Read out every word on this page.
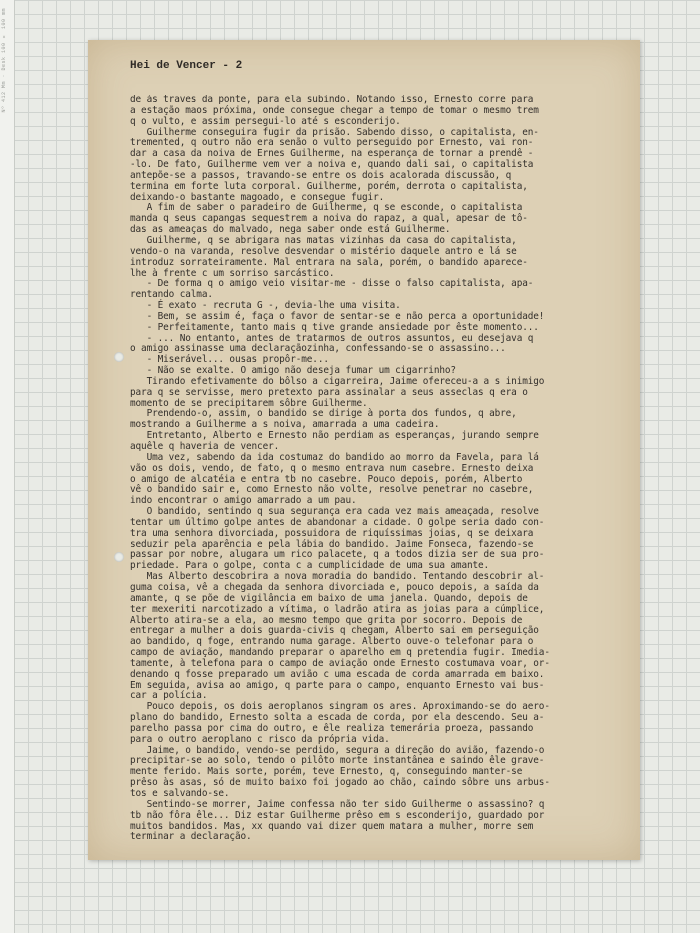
Nº 412 Mm · Desk 100 × 100 mm	Hei de Vencer - 2
de às traves da ponte, para ela subindo. Notando isso, Ernesto corre para
a estação maos próxima, onde consegue chegar a tempo de tomar o mesmo trem
q o vulto, e assim persegui-lo até s esconderijo.
Guilherme conseguira fugir da prisão. Sabendo disso, o capitalista, en-
tremented, q outro não era senão o vulto perseguido por Ernesto, vai ron-
dar a casa da noiva de Ernes Guilherme, na esperança de tornar a prendê -
-lo. De fato, Guilherme vem ver a noiva e, quando dali sai, o capitalista
antepõe-se a passos, travando-se entre os dois acalorada discussão, q
termina em forte luta corporal. Guilherme, porém, derrota o capitalista,
deixando-o bastante magoado, e consegue fugir.
A fim de saber o paradeiro de Guilherme, q se esconde, o capitalista
manda q seus capangas sequestrem a noiva do rapaz, a qual, apesar de tô-
das as ameaças do malvado, nega saber onde está Guilherme.
Guilherme, q se abrigara nas matas vizinhas da casa do capitalista,
vendo-o na varanda, resolve desvendar o mistério daquele antro e lá se
introduz sorrateiramente. Mal entrara na sala, porém, o bandido aparece-
lhe à frente c um sorriso sarcástico.
- De forma q o amigo veio visitar-me - disse o falso capitalista, apa-
rentando calma.
- É exato - recruta G -, devia-lhe uma visita.
- Bem, se assim é, faça o favor de sentar-se e não perca a oportunidade!
- Perfeitamente, tanto mais q tive grande ansiedade por êste momento...
- ... No entanto, antes de tratarmos de outros assuntos, eu desejava q
o amigo assinasse uma declaraçãozinha, confessando-se o assassino...
- Miserável... ousas propôr-me...
- Não se exalte. O amigo não deseja fumar um cigarrinho?
Tirando efetivamente do bôlso a cigarreira, Jaime ofereceu-a a s inimigo
para q se servisse, mero pretexto para assinalar a seus asseclas q era o
momento de se precipitarem sôbre Guilherme.
Prendendo-o, assim, o bandido se dirige à porta dos fundos, q abre,
mostrando a Guilherme a s noiva, amarrada a uma cadeira.
Entretanto, Alberto e Ernesto não perdiam as esperanças, jurando sempre
aquêle q haveria de vencer.
Uma vez, sabendo da ida costumaz do bandido ao morro da Favela, para lá
vão os dois, vendo, de fato, q o mesmo entrava num casebre. Ernesto deixa
o amigo de alcatéia e entra tb no casebre. Pouco depois, porém, Alberto
vê o bandido sair e, como Ernesto não volte, resolve penetrar no casebre,
indo encontrar o amigo amarrado a um pau.
O bandido, sentindo q sua segurança era cada vez mais ameaçada, resolve
tentar um último golpe antes de abandonar a cidade. O golpe seria dado con-
tra uma senhora divorciada, possuidora de riquíssimas joias, q se deixara
seduzir pela aparência e pela lábia do bandido. Jaime Fonseca, fazendo-se
passar por nobre, alugara um rico palacete, q a todos dizia ser de sua pro-
priedade. Para o golpe, conta c a cumplicidade de uma sua amante.
Mas Alberto descobrira a nova moradia do bandido. Tentando descobrir al-
guma coisa, vê a chegada da senhora divorciada e, pouco depois, a saída da
amante, q se põe de vigilância em baixo de uma janela. Quando, depois de
ter mexeriti narcotizado a vítima, o ladrão atira as joias para a cúmplice,
Alberto atira-se a ela, ao mesmo tempo que grita por socorro. Depois de
entregar a mulher a dois guarda-civis q chegam, Alberto sai em perseguição
ao bandido, q foge, entrando numa garage. Alberto ouve-o telefonar para o
campo de aviação, mandando preparar o aparelho em q pretendia fugir. Imedia-
tamente, à telefona para o campo de aviação onde Ernesto costumava voar, or-
denando q fosse preparado um avião c uma escada de corda amarrada em baixo.
Em seguida, avisa ao amigo, q parte para o campo, enquanto Ernesto vai bus-
car a polícia.
Pouco depois, os dois aeroplanos singram os ares. Aproximando-se do aero-
plano do bandido, Ernesto solta a escada de corda, por ela descendo. Seu a-
parelho passa por cima do outro, e êle realiza temerária proeza, passando
para o outro aeroplano c risco da própria vida.
Jaime, o bandido, vendo-se perdido, segura a direção do avião, fazendo-o
precipitar-se ao solo, tendo o pilôto morte instantânea e saindo êle grave-
mente ferido. Mais sorte, porém, teve Ernesto, q, conseguindo manter-se
prêso às asas, só de muito baixo foi jogado ao chão, caindo sôbre uns arbus-
tos e salvando-se.
Sentindo-se morrer, Jaime confessa não ter sido Guilherme o assassino? q
tb não fôra êle... Diz estar Guilherme prêso em s esconderijo, guardado por
muitos bandidos. Mas, xx quando vai dizer quem matara a mulher, morre sem
terminar a declaração.
